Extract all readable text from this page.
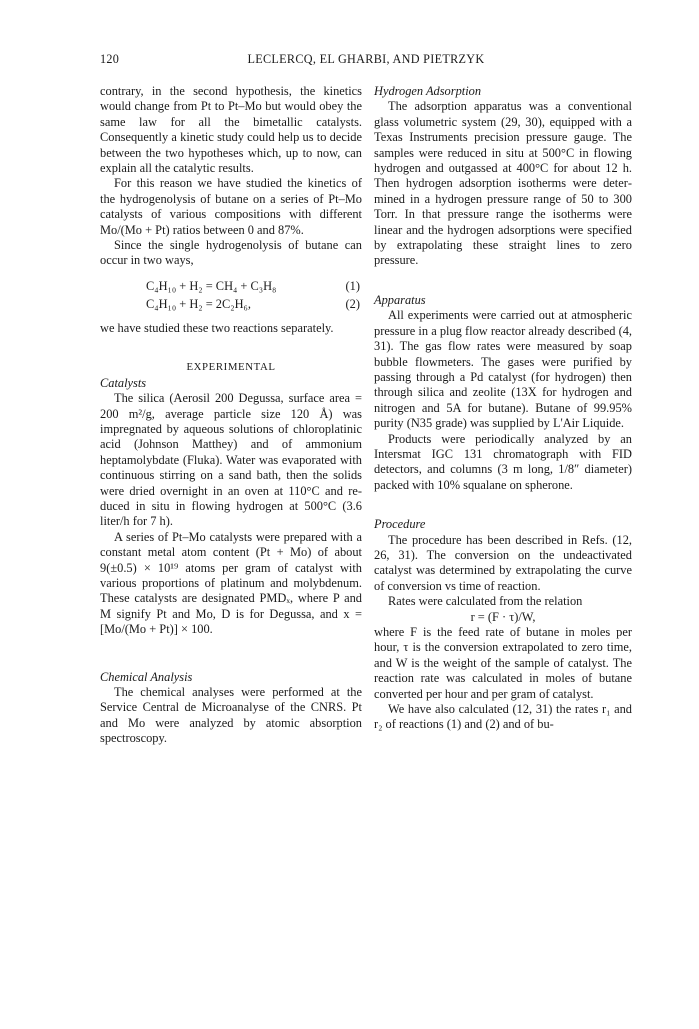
120	LECLERCQ, EL GHARBI, AND PIETRZYK

contrary, in the second hypothesis, the kinetics would change from Pt to Pt–Mo but would obey the same law for all the bimetallic catalysts. Consequently a kinetic study could help us to decide between the two hypotheses which, up to now, can explain all the catalytic results.

For this reason we have studied the kinetics of the hydrogenolysis of butane on a series of Pt–Mo catalysts of various compositions with different Mo/(Mo + Pt) ratios between 0 and 87%.

Since the single hydrogenolysis of butane can occur in two ways,

C₄H₁₀ + H₂ = CH₄ + C₃H₈	(1)
C₄H₁₀ + H₂ = 2C₂H₆,	(2)

we have studied these two reactions separately.

EXPERIMENTAL

Catalysts

The silica (Aerosil 200 Degussa, surface area = 200 m²/g, average particle size 120 Å) was impregnated by aqueous solutions of chloroplatinic acid (Johnson Matthey) and of ammonium heptamolybdate (Fluka). Water was evaporated with continuous stirring on a sand bath, then the solids were dried overnight in an oven at 110°C and reduced in situ in flowing hydrogen at 500°C (3.6 liter/h for 7 h).

A series of Pt–Mo catalysts were prepared with a constant metal atom content (Pt + Mo) of about 9(±0.5) × 10¹⁹ atoms per gram of catalyst with various proportions of platinum and molybdenum. These catalysts are designated PMDₓ, where P and M signify Pt and Mo, D is for Degussa, and x = [Mo/(Mo + Pt)] × 100.

Chemical Analysis

The chemical analyses were performed at the Service Central de Microanalyse of the CNRS. Pt and Mo were analyzed by atomic absorption spectroscopy.

Hydrogen Adsorption

The adsorption apparatus was a conventional glass volumetric system (29, 30), equipped with a Texas Instruments precision pressure gauge. The samples were reduced in situ at 500°C in flowing hydrogen and outgassed at 400°C for about 12 h. Then hydrogen adsorption isotherms were determined in a hydrogen pressure range of 50 to 300 Torr. In that pressure range the isotherms were linear and the hydrogen adsorptions were specified by extrapolating these straight lines to zero pressure.

Apparatus

All experiments were carried out at atmospheric pressure in a plug flow reactor already described (4, 31). The gas flow rates were measured by soap bubble flowmeters. The gases were purified by passing through a Pd catalyst (for hydrogen) then through silica and zeolite (13X for hydrogen and nitrogen and 5A for butane). Butane of 99.95% purity (N35 grade) was supplied by L'Air Liquide.

Products were periodically analyzed by an Intersmat IGC 131 chromatograph with FID detectors, and columns (3 m long, 1/8″ diameter) packed with 10% squalane on spherone.

Procedure

The procedure has been described in Refs. (12, 26, 31). The conversion on the undeactivated catalyst was determined by extrapolating the curve of conversion vs time of reaction.

Rates were calculated from the relation

r = (F · τ)/W,

where F is the feed rate of butane in moles per hour, τ is the conversion extrapolated to zero time, and W is the weight of the sample of catalyst. The reaction rate was calculated in moles of butane converted per hour and per gram of catalyst.

We have also calculated (12, 31) the rates r₁ and r₂ of reactions (1) and (2) and of bu-
